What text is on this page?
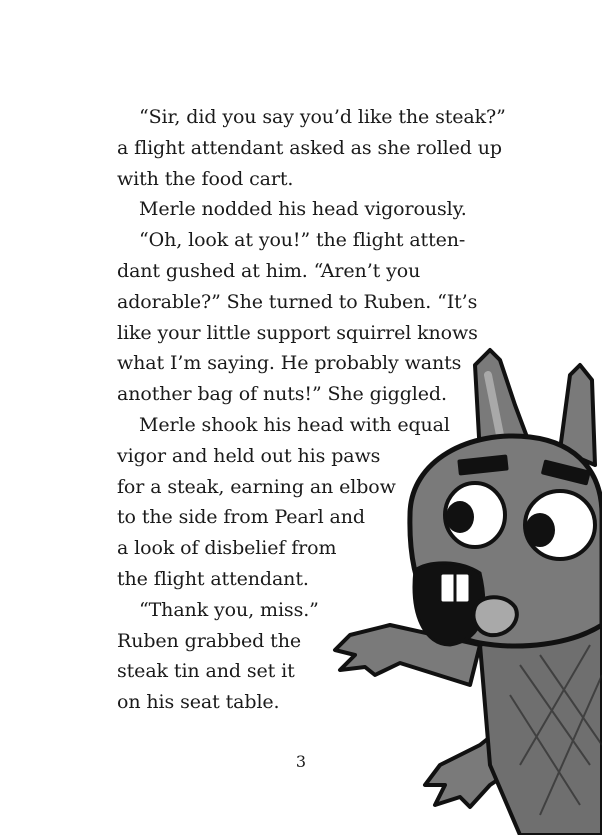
“Sir, did you say you’d like the steak?”
a flight attendant asked as she rolled up
with the food cart.
Merle nodded his head vigorously.
“Oh, look at you!” the flight atten-
dant gushed at him. “Aren’t you
adorable?” She turned to Ruben. “It’s
like your little support squirrel knows
what I’m saying. He probably wants
another bag of nuts!” She giggled.
Merle shook his head with equal
vigor and held out his paws
for a steak, earning an elbow
to the side from Pearl and
a look of disbelief from
the flight attendant.
“Thank you, miss.”
Ruben grabbed the
steak tin and set it
on his seat table.
3
